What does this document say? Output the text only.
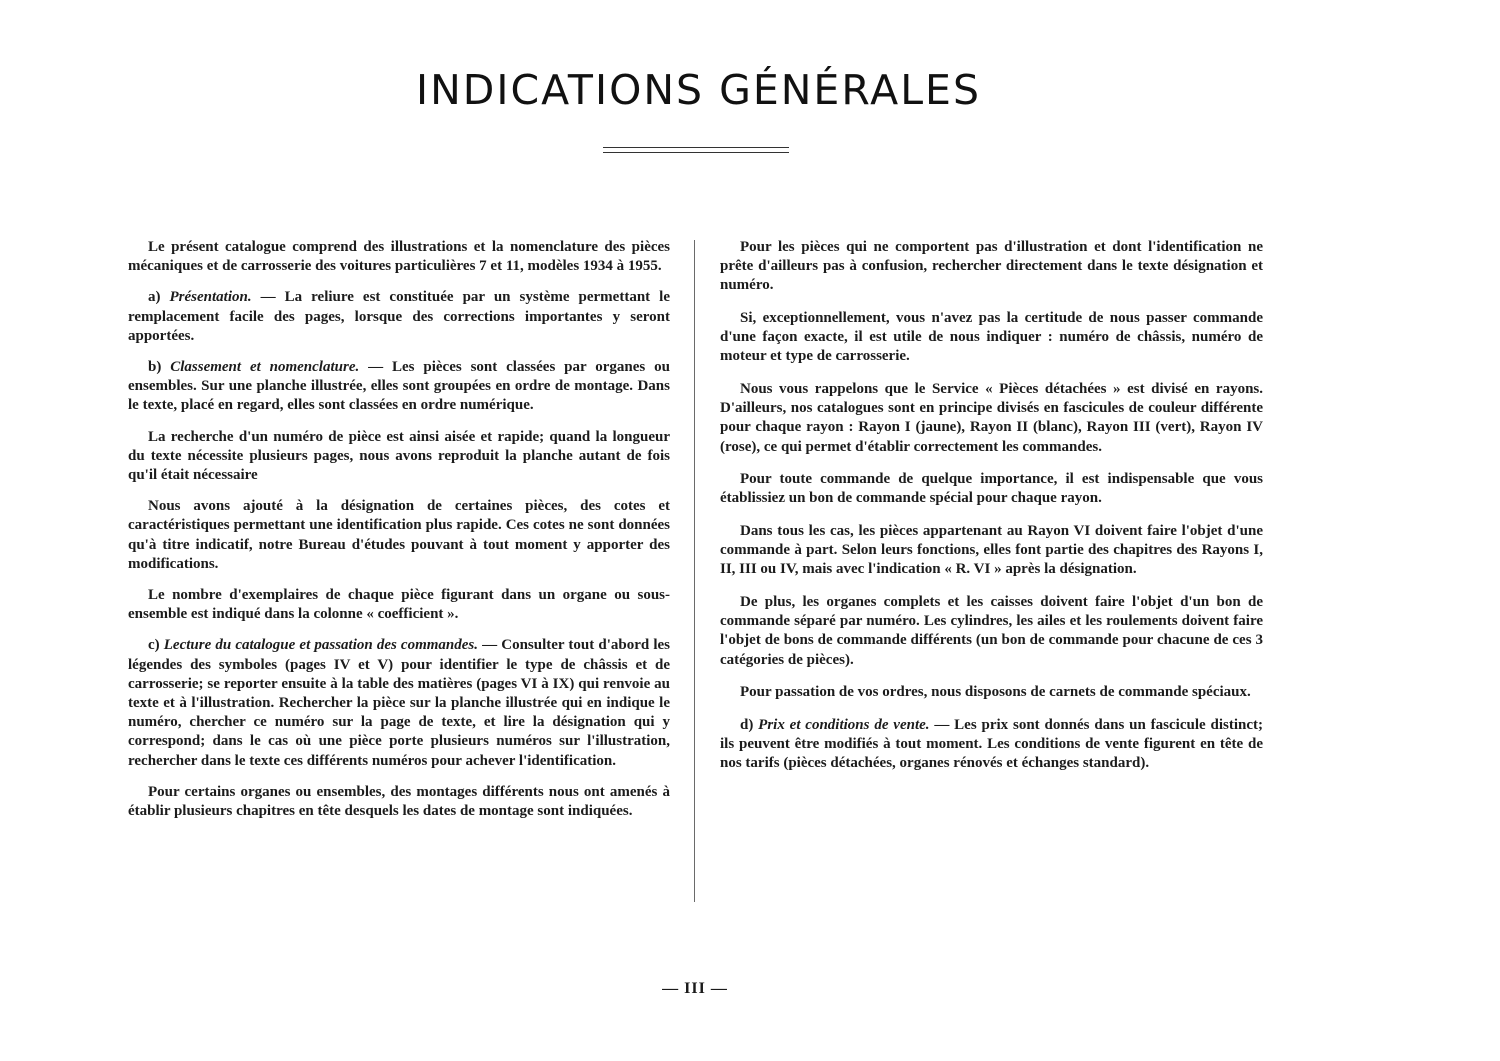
INDICATIONS GÉNÉRALES

Le présent catalogue comprend des illustrations et la nomenclature des pièces mécaniques et de carrosserie des voitures particulières 7 et 11, modèles 1934 à 1955.

a) Présentation. — La reliure est constituée par un système permettant le remplacement facile des pages, lorsque des corrections importantes y seront apportées.

b) Classement et nomenclature. — Les pièces sont classées par organes ou ensembles. Sur une planche illustrée, elles sont groupées en ordre de montage. Dans le texte, placé en regard, elles sont classées en ordre numérique.

La recherche d'un numéro de pièce est ainsi aisée et rapide; quand la longueur du texte nécessite plusieurs pages, nous avons reproduit la planche autant de fois qu'il était nécessaire

Nous avons ajouté à la désignation de certaines pièces, des cotes et caractéristiques permettant une identification plus rapide. Ces cotes ne sont données qu'à titre indicatif, notre Bureau d'études pouvant à tout moment y apporter des modifications.

Le nombre d'exemplaires de chaque pièce figurant dans un organe ou sous-ensemble est indiqué dans la colonne « coefficient ».

c) Lecture du catalogue et passation des commandes. — Consulter tout d'abord les légendes des symboles (pages IV et V) pour identifier le type de châssis et de carrosserie; se reporter ensuite à la table des matières (pages VI à IX) qui renvoie au texte et à l'illustration. Rechercher la pièce sur la planche illustrée qui en indique le numéro, chercher ce numéro sur la page de texte, et lire la désignation qui y correspond; dans le cas où une pièce porte plusieurs numéros sur l'illustration, rechercher dans le texte ces différents numéros pour achever l'identification.

Pour certains organes ou ensembles, des montages différents nous ont amenés à établir plusieurs chapitres en tête desquels les dates de montage sont indiquées.

Pour les pièces qui ne comportent pas d'illustration et dont l'identification ne prête d'ailleurs pas à confusion, rechercher directement dans le texte désignation et numéro.

Si, exceptionnellement, vous n'avez pas la certitude de nous passer commande d'une façon exacte, il est utile de nous indiquer : numéro de châssis, numéro de moteur et type de carrosserie.

Nous vous rappelons que le Service « Pièces détachées » est divisé en rayons. D'ailleurs, nos catalogues sont en principe divisés en fascicules de couleur différente pour chaque rayon : Rayon I (jaune), Rayon II (blanc), Rayon III (vert), Rayon IV (rose), ce qui permet d'établir correctement les commandes.

Pour toute commande de quelque importance, il est indispensable que vous établissiez un bon de commande spécial pour chaque rayon.

Dans tous les cas, les pièces appartenant au Rayon VI doivent faire l'objet d'une commande à part. Selon leurs fonctions, elles font partie des chapitres des Rayons I, II, III ou IV, mais avec l'indication « R. VI » après la désignation.

De plus, les organes complets et les caisses doivent faire l'objet d'un bon de commande séparé par numéro. Les cylindres, les ailes et les roulements doivent faire l'objet de bons de commande différents (un bon de commande pour chacune de ces 3 catégories de pièces).

Pour passation de vos ordres, nous disposons de carnets de commande spéciaux.

d) Prix et conditions de vente. — Les prix sont donnés dans un fascicule distinct; ils peuvent être modifiés à tout moment. Les conditions de vente figurent en tête de nos tarifs (pièces détachées, organes rénovés et échanges standard).

— III —
